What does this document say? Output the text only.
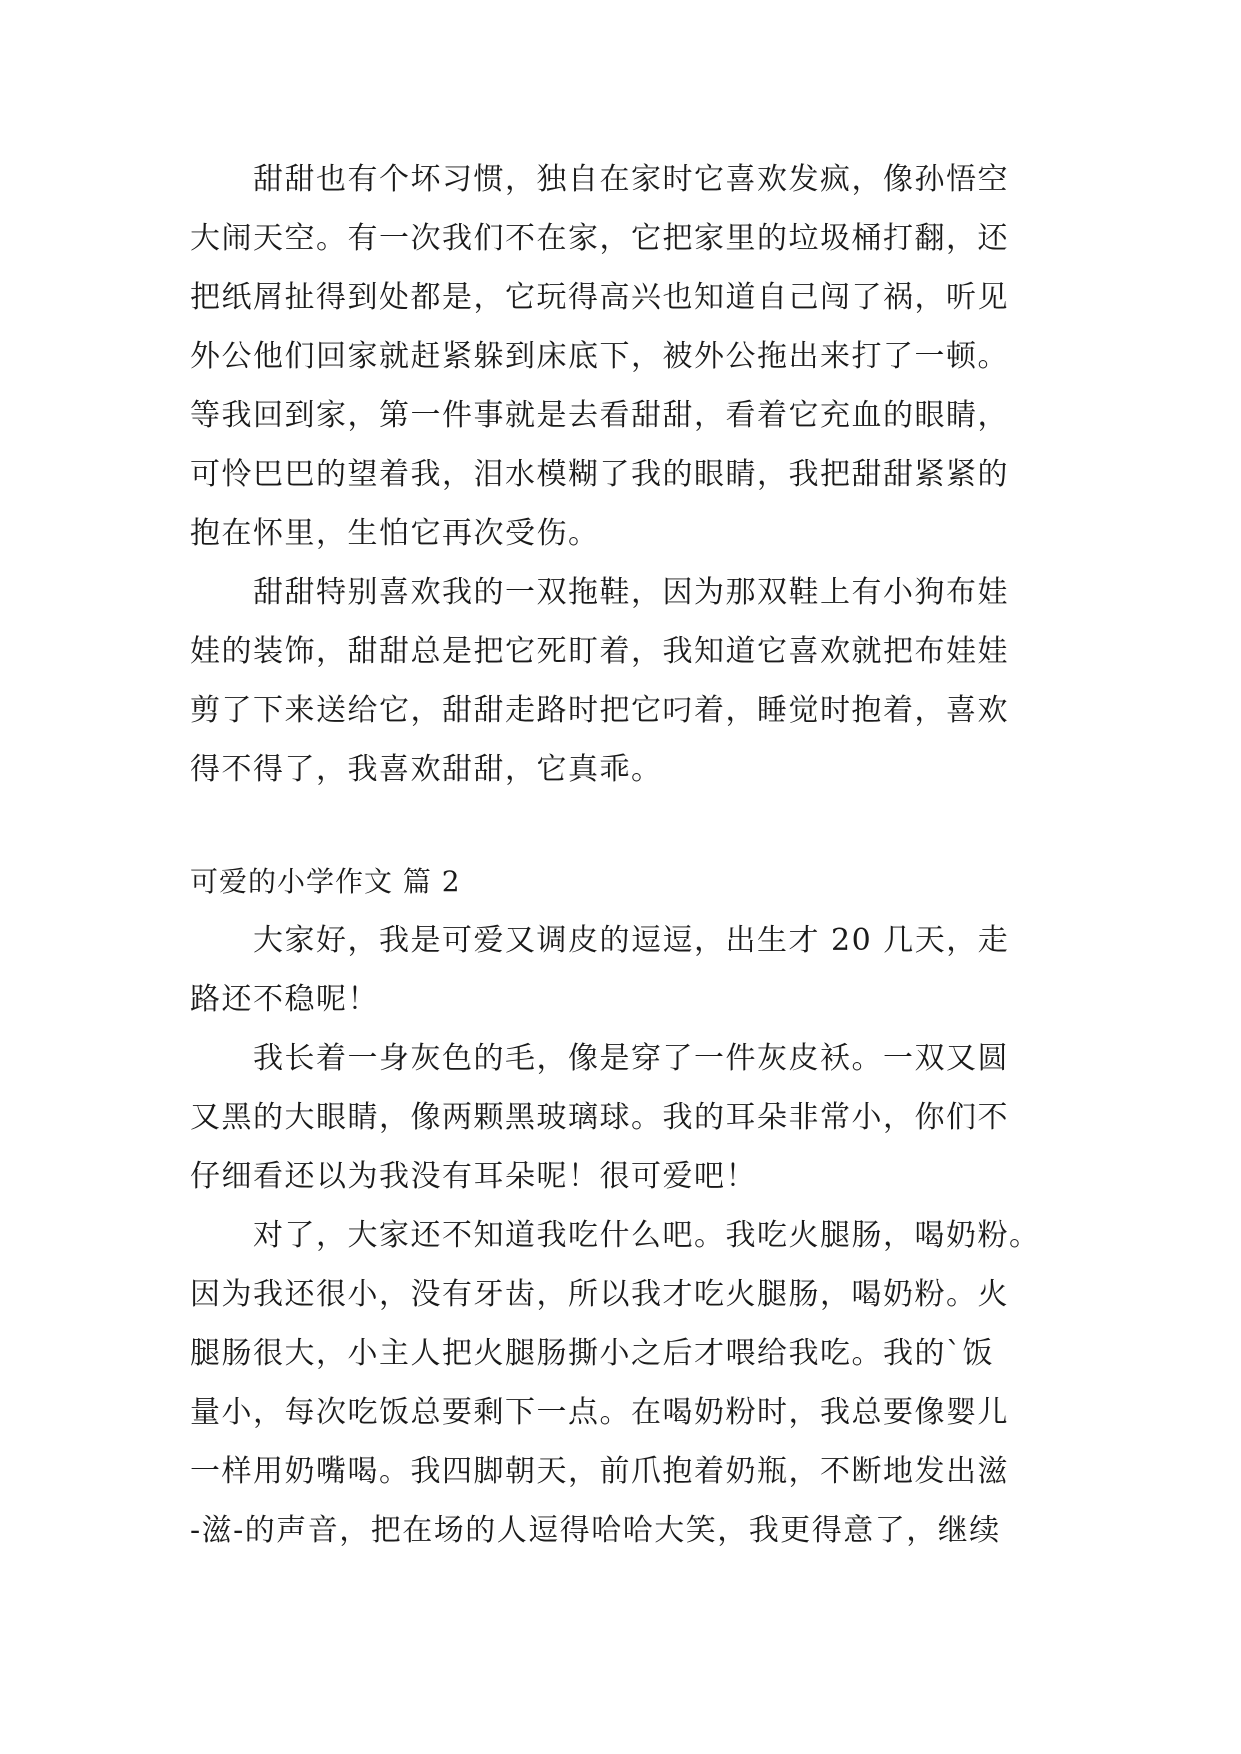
甜甜也有个坏习惯，独自在家时它喜欢发疯，像孙悟空
大闹天空。有一次我们不在家，它把家里的垃圾桶打翻，还
把纸屑扯得到处都是，它玩得高兴也知道自己闯了祸，听见
外公他们回家就赶紧躲到床底下，被外公拖出来打了一顿。
等我回到家，第一件事就是去看甜甜，看着它充血的眼睛，
可怜巴巴的望着我，泪水模糊了我的眼睛，我把甜甜紧紧的
抱在怀里，生怕它再次受伤。
甜甜特别喜欢我的一双拖鞋，因为那双鞋上有小狗布娃
娃的装饰，甜甜总是把它死盯着，我知道它喜欢就把布娃娃
剪了下来送给它，甜甜走路时把它叼着，睡觉时抱着，喜欢
得不得了，我喜欢甜甜，它真乖。
可爱的小学作文 篇 2
大家好，我是可爱又调皮的逗逗，出生才 20 几天，走
路还不稳呢！
我长着一身灰色的毛，像是穿了一件灰皮袄。一双又圆
又黑的大眼睛，像两颗黑玻璃球。我的耳朵非常小，你们不
仔细看还以为我没有耳朵呢！很可爱吧！
对了，大家还不知道我吃什么吧。我吃火腿肠，喝奶粉。
因为我还很小，没有牙齿，所以我才吃火腿肠，喝奶粉。火
腿肠很大，小主人把火腿肠撕小之后才喂给我吃。我的`饭
量小，每次吃饭总要剩下一点。在喝奶粉时，我总要像婴儿
一样用奶嘴喝。我四脚朝天，前爪抱着奶瓶，不断地发出滋
-滋-的声音，把在场的人逗得哈哈大笑，我更得意了，继续
